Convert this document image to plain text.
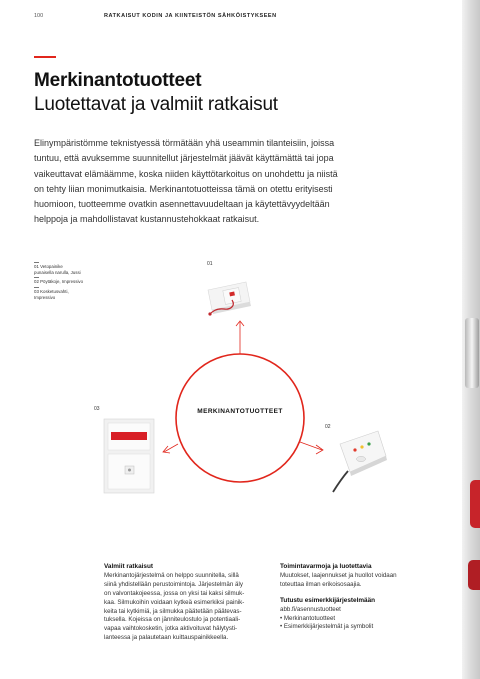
100	RATKAISUT KODIN JA KIINTEISTÖN SÄHKÖISTYKSEEN
Merkinantotuotteet
Luotettavat ja valmiit ratkaisut
Elinympäristömme teknistyessä törmätään yhä useammin tilanteisiin, joissa
tuntuu, että avuksemme suunnitellut järjestelmät jäävät käyttämättä tai jopa
vaikeuttavat elämäämme, koska niiden käyttötarkoitus on unohdettu ja niistä
on tehty liian monimutkaisia. Merkinantotuotteissa tämä on otettu erityisesti
huomioon, tuotteemme ovatkin asennettavuudeltaan ja käytettävyydeltään
helppoja ja mahdollistavat kustannustehokkaat ratkaisut.
01 Vetopainike
punaisella narulla, Jussi
02 Pöytäkoje, Impressivo
03 Kosketusvahti,
Impressivo
01
03
02
MERKINANTOTUOTTEET
Valmiit ratkaisut

Merkinantojärjestelmä on helppo suunnitella, sillä
siinä yhdistellään perustoimintoja. Järjestelmän äly
on valvontakojeessa, jossa on yksi tai kaksi silmuk-
kaa. Silmukoihin voidaan kytkeä esimerkiksi painik-
keita tai kytkimiä, ja silmukka päätetään päätevas-
tuksella. Kojeissa on jänniteulostulo ja potentiaali-
vapaa vaihtokosketin, jotka aktivoituvat hälytysti-
lanteessa ja palautetaan kuittauspainikkeella.

Toimintavarmoja ja luotettavia

Muutokset, laajennukset ja huollot voidaan
toteuttaa ilman erikoisosaajia.

Tutustu esimerkkijärjestelmään

abb.fi/asennustuotteet
• Merkinantotuotteet
• Esimerkkijärjestelmät ja symbolit
